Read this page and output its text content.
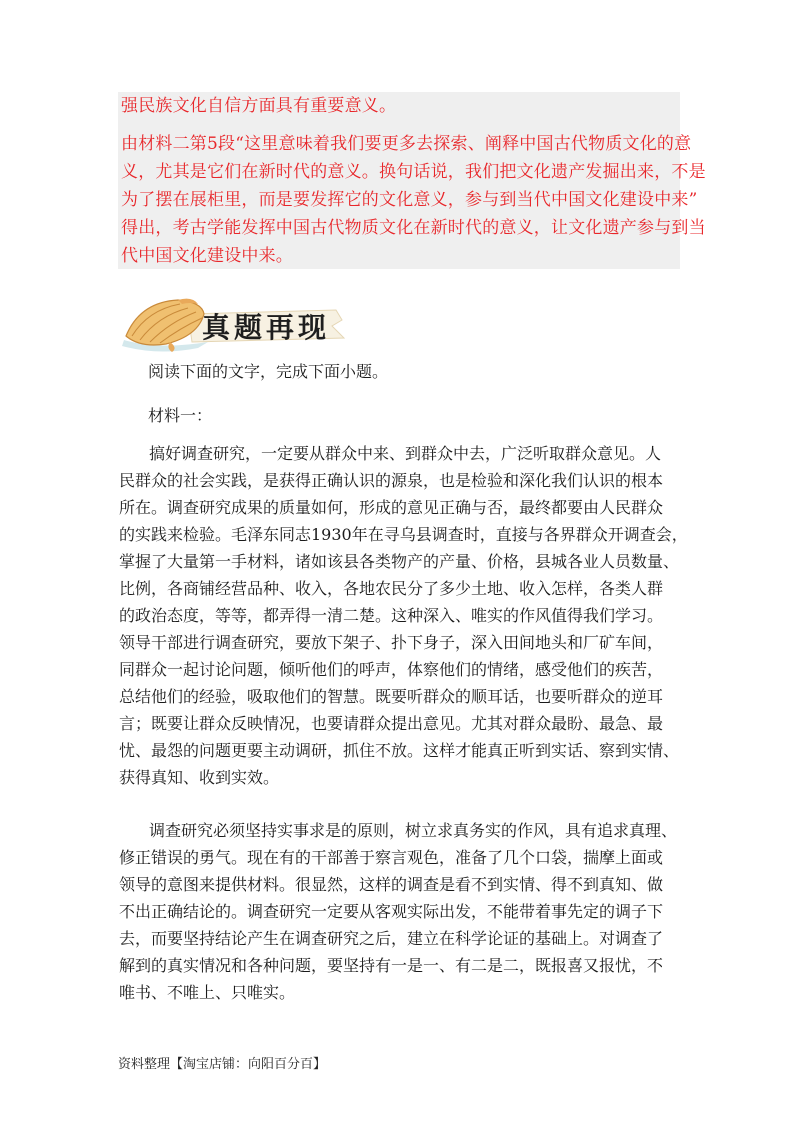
强民族文化自信方面具有重要意义。
由材料二第5段“这里意味着我们要更多去探索、阐释中国古代物质文化的意
义，尤其是它们在新时代的意义。换句话说，我们把文化遗产发掘出来，不是
为了摆在展柜里，而是要发挥它的文化意义，参与到当代中国文化建设中来”
得出，考古学能发挥中国古代物质文化在新时代的意义，让文化遗产参与到当
代中国文化建设中来。
真题再现
阅读下面的文字，完成下面小题。
材料一：
搞好调查研究，一定要从群众中来、到群众中去，广泛听取群众意见。人
民群众的社会实践，是获得正确认识的源泉，也是检验和深化我们认识的根本
所在。调查研究成果的质量如何，形成的意见正确与否，最终都要由人民群众
的实践来检验。毛泽东同志1930年在寻乌县调查时，直接与各界群众开调查会，
掌握了大量第一手材料，诸如该县各类物产的产量、价格，县城各业人员数量、
比例，各商铺经营品种、收入，各地农民分了多少土地、收入怎样，各类人群
的政治态度，等等，都弄得一清二楚。这种深入、唯实的作风值得我们学习。
领导干部进行调查研究，要放下架子、扑下身子，深入田间地头和厂矿车间，
同群众一起讨论问题，倾听他们的呼声，体察他们的情绪，感受他们的疾苦，
总结他们的经验，吸取他们的智慧。既要听群众的顺耳话，也要听群众的逆耳
言；既要让群众反映情况，也要请群众提出意见。尤其对群众最盼、最急、最
忧、最怨的问题更要主动调研，抓住不放。这样才能真正听到实话、察到实情、
获得真知、收到实效。
调查研究必须坚持实事求是的原则，树立求真务实的作风，具有追求真理、
修正错误的勇气。现在有的干部善于察言观色，准备了几个口袋，揣摩上面或
领导的意图来提供材料。很显然，这样的调查是看不到实情、得不到真知、做
不出正确结论的。调查研究一定要从客观实际出发，不能带着事先定的调子下
去，而要坚持结论产生在调查研究之后，建立在科学论证的基础上。对调查了
解到的真实情况和各种问题，要坚持有一是一、有二是二，既报喜又报忧，不
唯书、不唯上、只唯实。
资料整理【淘宝店铺：向阳百分百】
